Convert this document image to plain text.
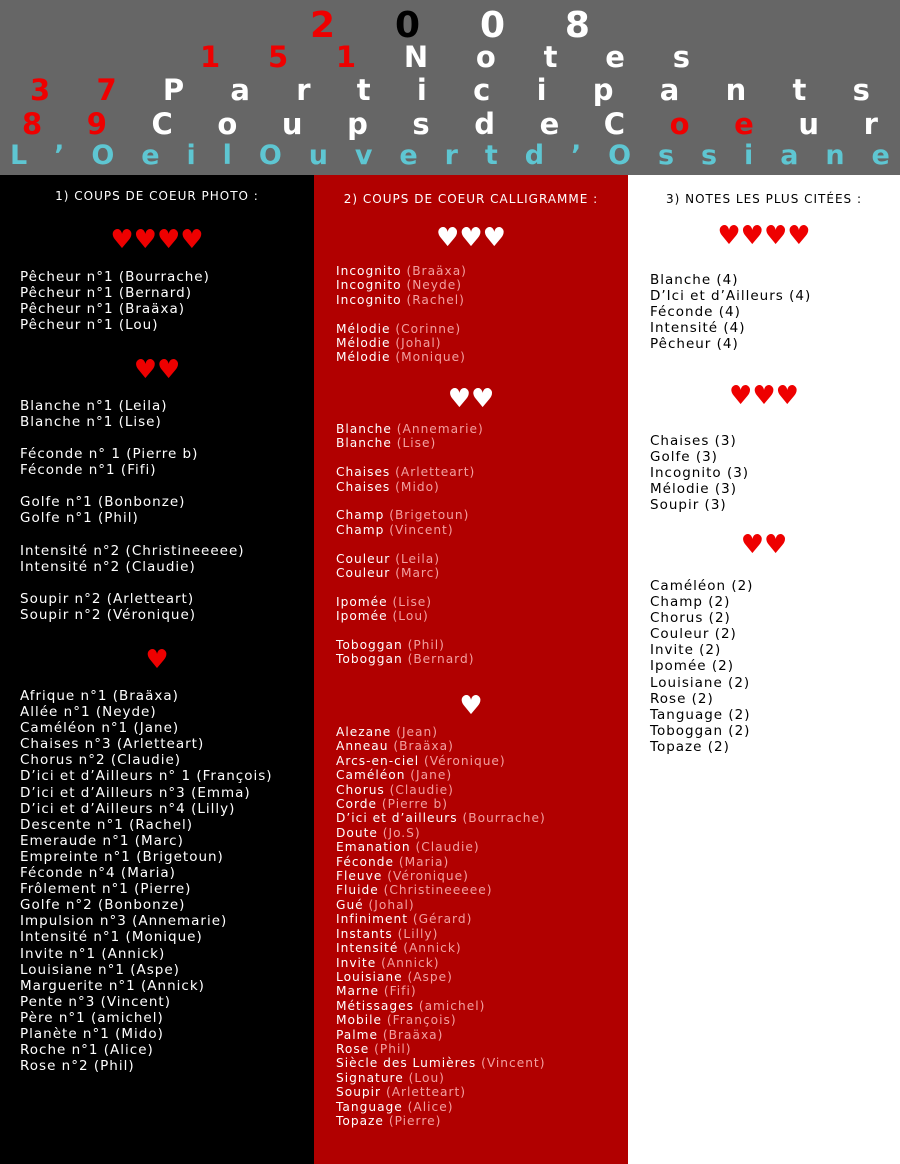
2 0 0 8
1 5 1 N o t e s
3 7 P a r t i c i p a n t s
8 9 C o u p s d e C o e u r
L ’ O e i l O u v e r t d ’ O s s i a n e
1) COUPS DE COEUR PHOTO :
♥♥♥♥
Pêcheur n°1 (Bourrache)
Pêcheur n°1 (Bernard)
Pêcheur n°1 (Braäxa)
Pêcheur n°1 (Lou)
♥♥
Blanche n°1 (Leila)
Blanche n°1 (Lise)
Féconde n° 1 (Pierre b)
Féconde n°1 (Fifi)
Golfe n°1 (Bonbonze)
Golfe n°1 (Phil)
Intensité n°2 (Christineeeee)
Intensité n°2 (Claudie)
Soupir n°2 (Arletteart)
Soupir n°2 (Véronique)
♥
Afrique n°1 (Braäxa)
Allée n°1 (Neyde)
Caméléon n°1 (Jane)
Chaises n°3 (Arletteart)
Chorus n°2 (Claudie)
D’ici et d’Ailleurs n° 1 (François)
D’ici et d’Ailleurs n°3 (Emma)
D’ici et d’Ailleurs n°4 (Lilly)
Descente n°1 (Rachel)
Emeraude n°1 (Marc)
Empreinte n°1 (Brigetoun)
Féconde n°4 (Maria)
Frôlement n°1 (Pierre)
Golfe n°2 (Bonbonze)
Impulsion n°3 (Annemarie)
Intensité n°1 (Monique)
Invite n°1 (Annick)
Louisiane n°1 (Aspe)
Marguerite n°1 (Annick)
Pente n°3 (Vincent)
Père n°1 (amichel)
Planète n°1 (Mido)
Roche n°1 (Alice)
Rose n°2 (Phil)
2) COUPS DE COEUR CALLIGRAMME :
♥♥♥
Incognito (Braäxa)
Incognito (Neyde)
Incognito (Rachel)
Mélodie (Corinne)
Mélodie (Johal)
Mélodie (Monique)
♥♥
Blanche (Annemarie)
Blanche (Lise)
Chaises (Arletteart)
Chaises (Mido)
Champ (Brigetoun)
Champ (Vincent)
Couleur (Leila)
Couleur (Marc)
Ipomée (Lise)
Ipomée (Lou)
Toboggan (Phil)
Toboggan (Bernard)
♥
Alezane (Jean)
Anneau (Braäxa)
Arcs-en-ciel (Véronique)
Caméléon (Jane)
Chorus (Claudie)
Corde (Pierre b)
D’ici et d’ailleurs (Bourrache)
Doute (Jo.S)
Emanation (Claudie)
Féconde (Maria)
Fleuve (Véronique)
Fluide (Christineeeee)
Gué (Johal)
Infiniment (Gérard)
Instants (Lilly)
Intensité (Annick)
Invite (Annick)
Louisiane (Aspe)
Marne (Fifi)
Métissages (amichel)
Mobile (François)
Palme (Braäxa)
Rose (Phil)
Siècle des Lumières (Vincent)
Signature (Lou)
Soupir (Arletteart)
Tanguage (Alice)
Topaze (Pierre)
3) NOTES LES PLUS CITÉES :
♥♥♥♥
Blanche (4)
D’Ici et d’Ailleurs (4)
Féconde (4)
Intensité (4)
Pêcheur (4)
♥♥♥
Chaises (3)
Golfe (3)
Incognito (3)
Mélodie (3)
Soupir (3)
♥♥
Caméléon (2)
Champ (2)
Chorus (2)
Couleur (2)
Invite (2)
Ipomée (2)
Louisiane (2)
Rose (2)
Tanguage (2)
Toboggan (2)
Topaze (2)
